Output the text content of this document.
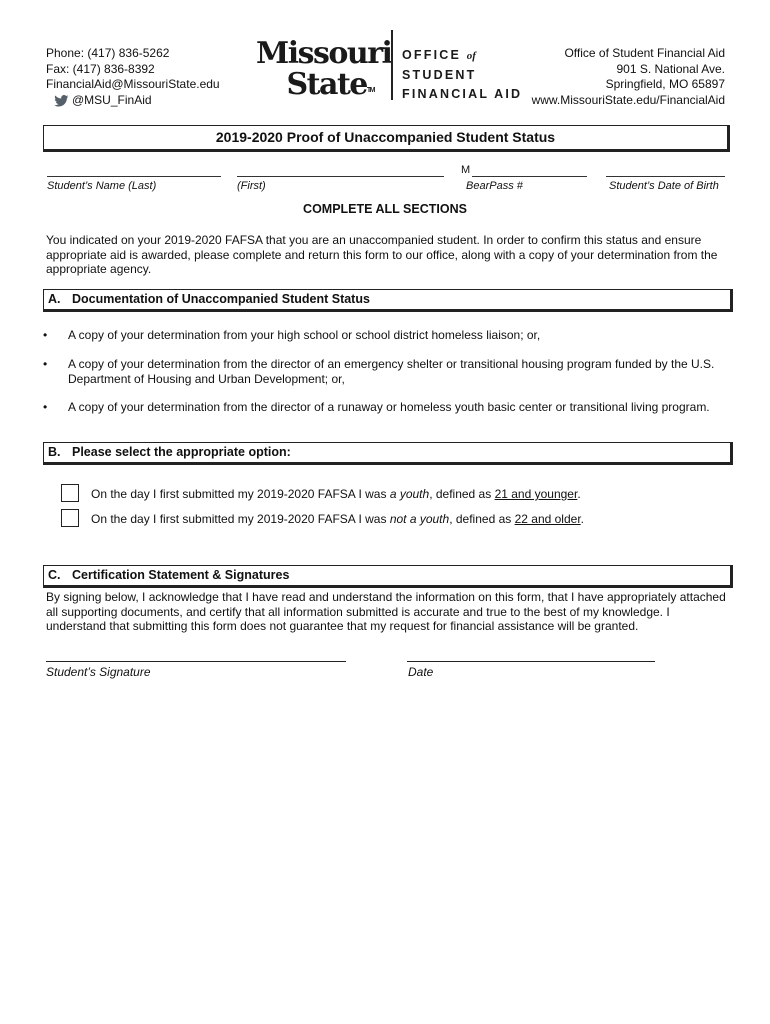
Phone: (417) 836-5262
Fax: (417) 836-8392
FinancialAid@MissouriState.edu
@MSU_FinAid
Missouri
StateTM
OFFICE of
STUDENT
FINANCIAL AID
Office of Student Financial Aid
901 S. National Ave.
Springfield, MO 65897
www.MissouriState.edu/FinancialAid
2019-2020 Proof of Unaccompanied Student Status
Student’s Name (Last)	(First)
M
BearPass #	Student’s Date of Birth
COMPLETE ALL SECTIONS
You indicated on your 2019-2020 FAFSA that you are an unaccompanied student. In order to confirm this status and ensure appropriate aid is awarded, please complete and return this form to our office, along with a copy of your determination from the appropriate agency.
A. Documentation of Unaccompanied Student Status
• A copy of your determination from your high school or school district homeless liaison; or,
• A copy of your determination from the director of an emergency shelter or transitional housing program funded by the U.S. Department of Housing and Urban Development; or,
• A copy of your determination from the director of a runaway or homeless youth basic center or transitional living program.
B. Please select the appropriate option:
On the day I first submitted my 2019-2020 FAFSA I was a youth, defined as 21 and younger.
On the day I first submitted my 2019-2020 FAFSA I was not a youth, defined as 22 and older.
C. Certification Statement & Signatures
By signing below, I acknowledge that I have read and understand the information on this form, that I have appropriately attached all supporting documents, and certify that all information submitted is accurate and true to the best of my knowledge. I understand that submitting this form does not guarantee that my request for financial assistance will be granted.
Student’s Signature	Date
